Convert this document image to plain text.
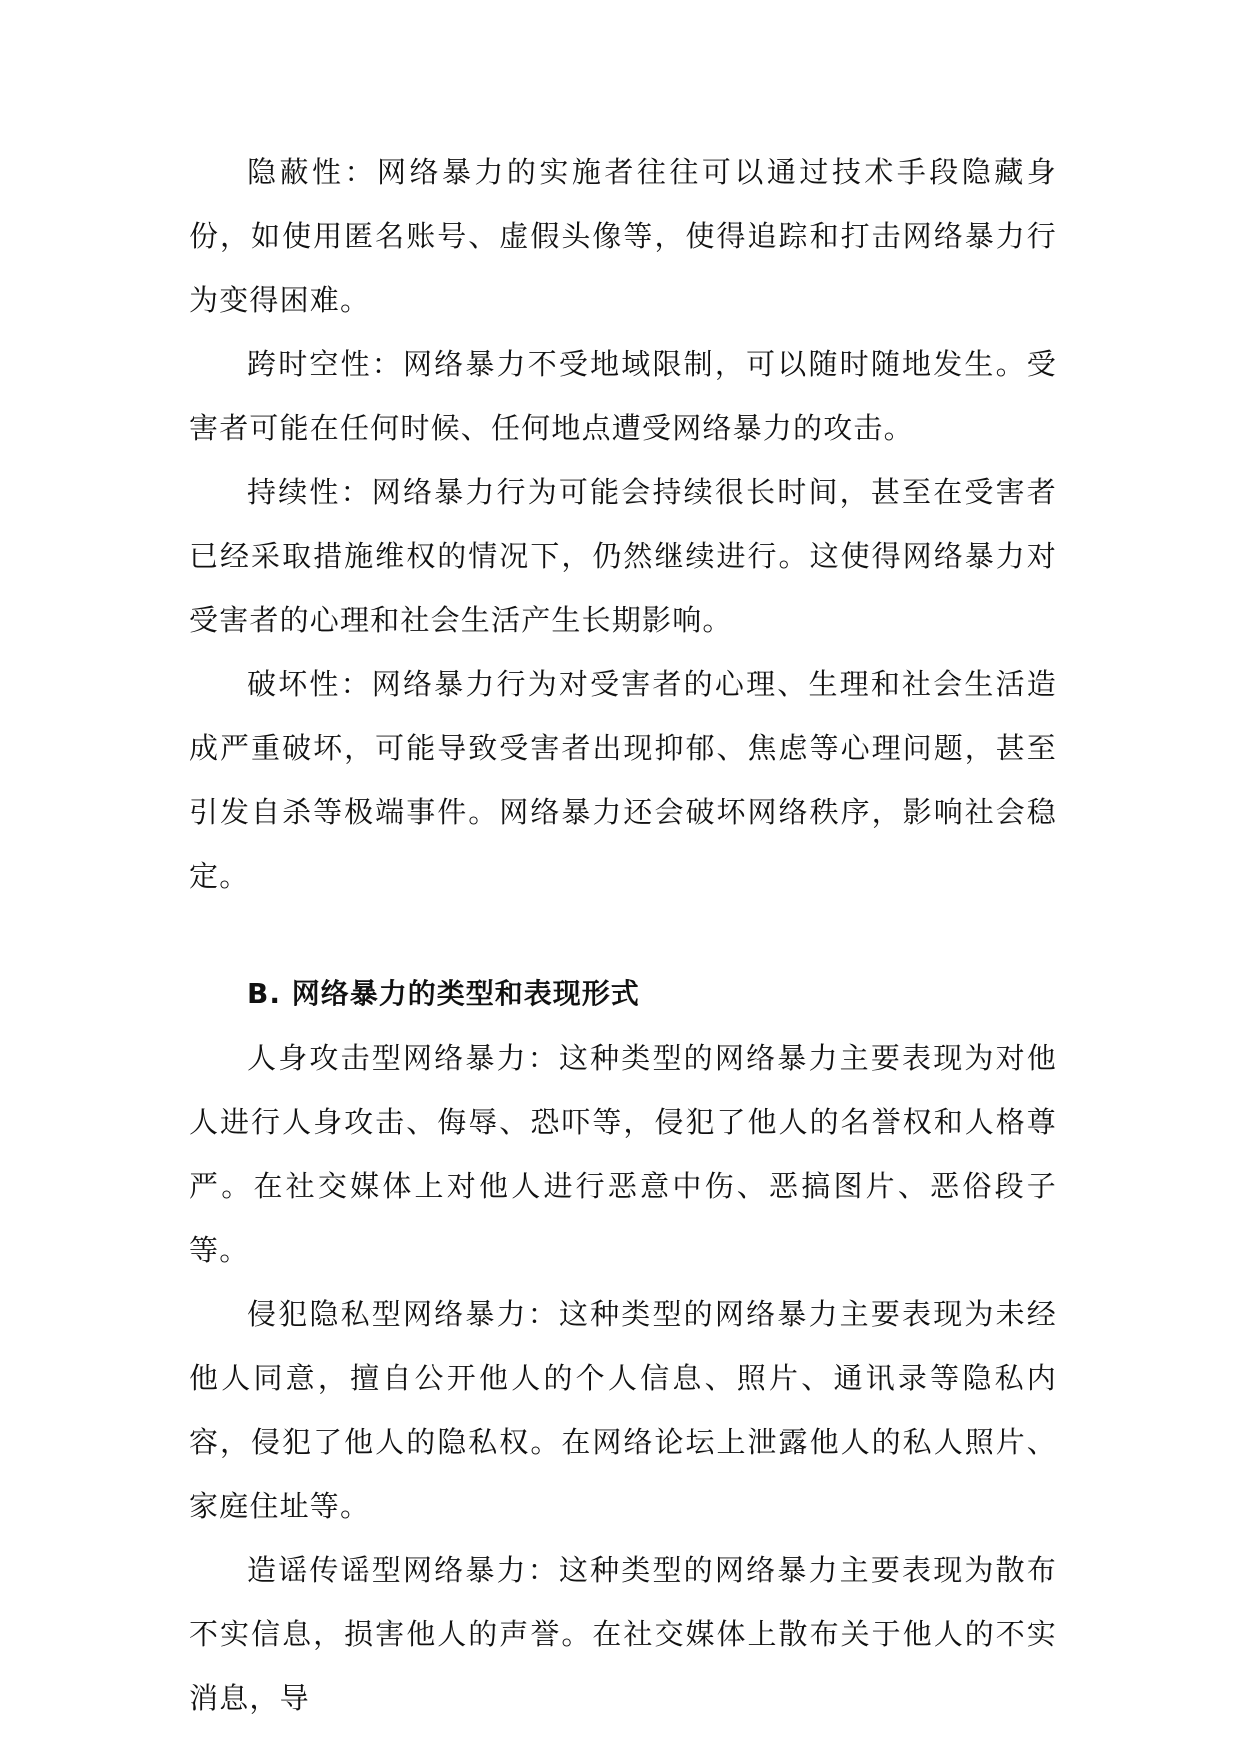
隐蔽性：网络暴力的实施者往往可以通过技术手段隐藏身份，如使用匿名账号、虚假头像等，使得追踪和打击网络暴力行为变得困难。

跨时空性：网络暴力不受地域限制，可以随时随地发生。受害者可能在任何时候、任何地点遭受网络暴力的攻击。

持续性：网络暴力行为可能会持续很长时间，甚至在受害者已经采取措施维权的情况下，仍然继续进行。这使得网络暴力对受害者的心理和社会生活产生长期影响。

破坏性：网络暴力行为对受害者的心理、生理和社会生活造成严重破坏，可能导致受害者出现抑郁、焦虑等心理问题，甚至引发自杀等极端事件。网络暴力还会破坏网络秩序，影响社会稳定。

B. 网络暴力的类型和表现形式

人身攻击型网络暴力：这种类型的网络暴力主要表现为对他人进行人身攻击、侮辱、恐吓等，侵犯了他人的名誉权和人格尊严。在社交媒体上对他人进行恶意中伤、恶搞图片、恶俗段子等。

侵犯隐私型网络暴力：这种类型的网络暴力主要表现为未经他人同意，擅自公开他人的个人信息、照片、通讯录等隐私内容，侵犯了他人的隐私权。在网络论坛上泄露他人的私人照片、家庭住址等。

造谣传谣型网络暴力：这种类型的网络暴力主要表现为散布不实信息，损害他人的声誉。在社交媒体上散布关于他人的不实消息，导
